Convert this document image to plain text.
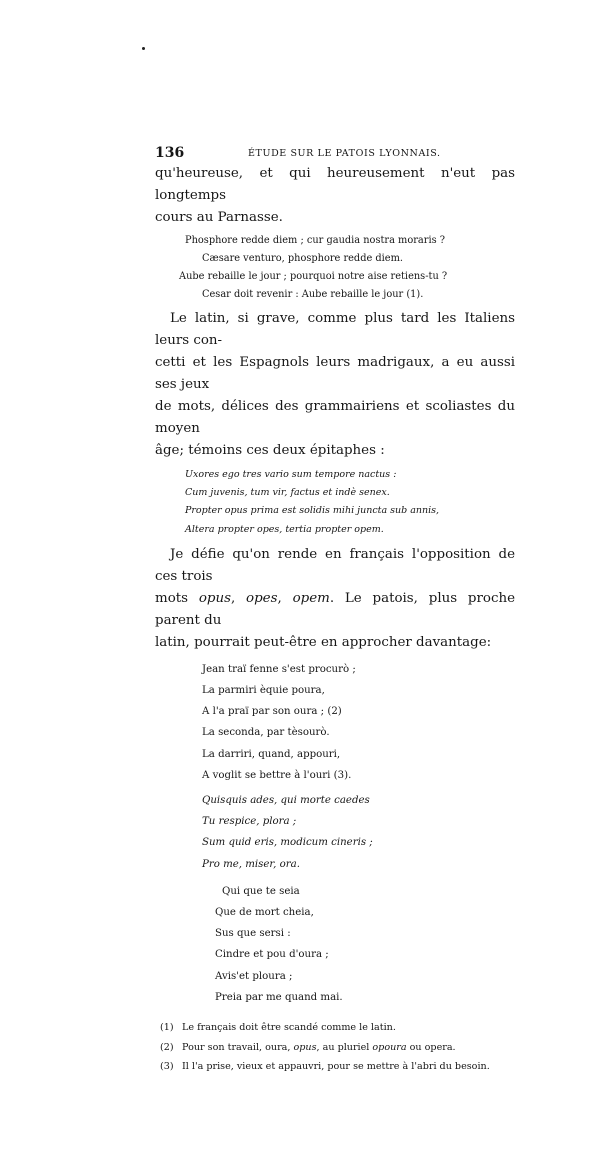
136	ÉTUDE SUR LE PATOIS LYONNAIS.

qu'heureuse, et qui heureusement n'eut pas longtemps
cours au Parnasse.

Phosphore redde diem ; cur gaudia nostra moraris ?
Cæsare venturo, phosphore redde diem.
Aube rebaille le jour ; pourquoi notre aise retiens-tu ?
Cesar doit revenir : Aube rebaille le jour (1).

Le latin, si grave, comme plus tard les Italiens leurs con-
cetti et les Espagnols leurs madrigaux, a eu aussi ses jeux
de mots, délices des grammairiens et scoliastes du moyen
âge; témoins ces deux épitaphes :

Uxores ego tres vario sum tempore nactus :
Cum juvenis, tum vir, factus et indè senex.
Propter opus prima est solidis mihi juncta sub annis,
Altera propter opes, tertia propter opem.

Je défie qu'on rende en français l'opposition de ces trois
mots opus, opes, opem. Le patois, plus proche parent du
latin, pourrait peut-être en approcher davantage:

Jean traï fenne s'est procurò ;
La parmiri èquie poura,
A l'a praï par son oura ; (2)
La seconda, par tèsourò.
La darriri, quand, appouri,
A voglit se bettre à l'ouri (3).
Quisquis ades, qui morte caedes
Tu respice, plora ;
Sum quid eris, modicum cineris ;
Pro me, miser, ora.
Qui que te seia
Que de mort cheia,
Sus que sersi :
Cindre et pou d'oura ;
Avis'et ploura ;
Preia par me quand mai.
(1) Le français doit être scandé comme le latin.
(2) Pour son travail, oura, opus, au pluriel opoura ou opera.
(3) Il l'a prise, vieux et appauvri, pour se mettre à l'abri du besoin.
